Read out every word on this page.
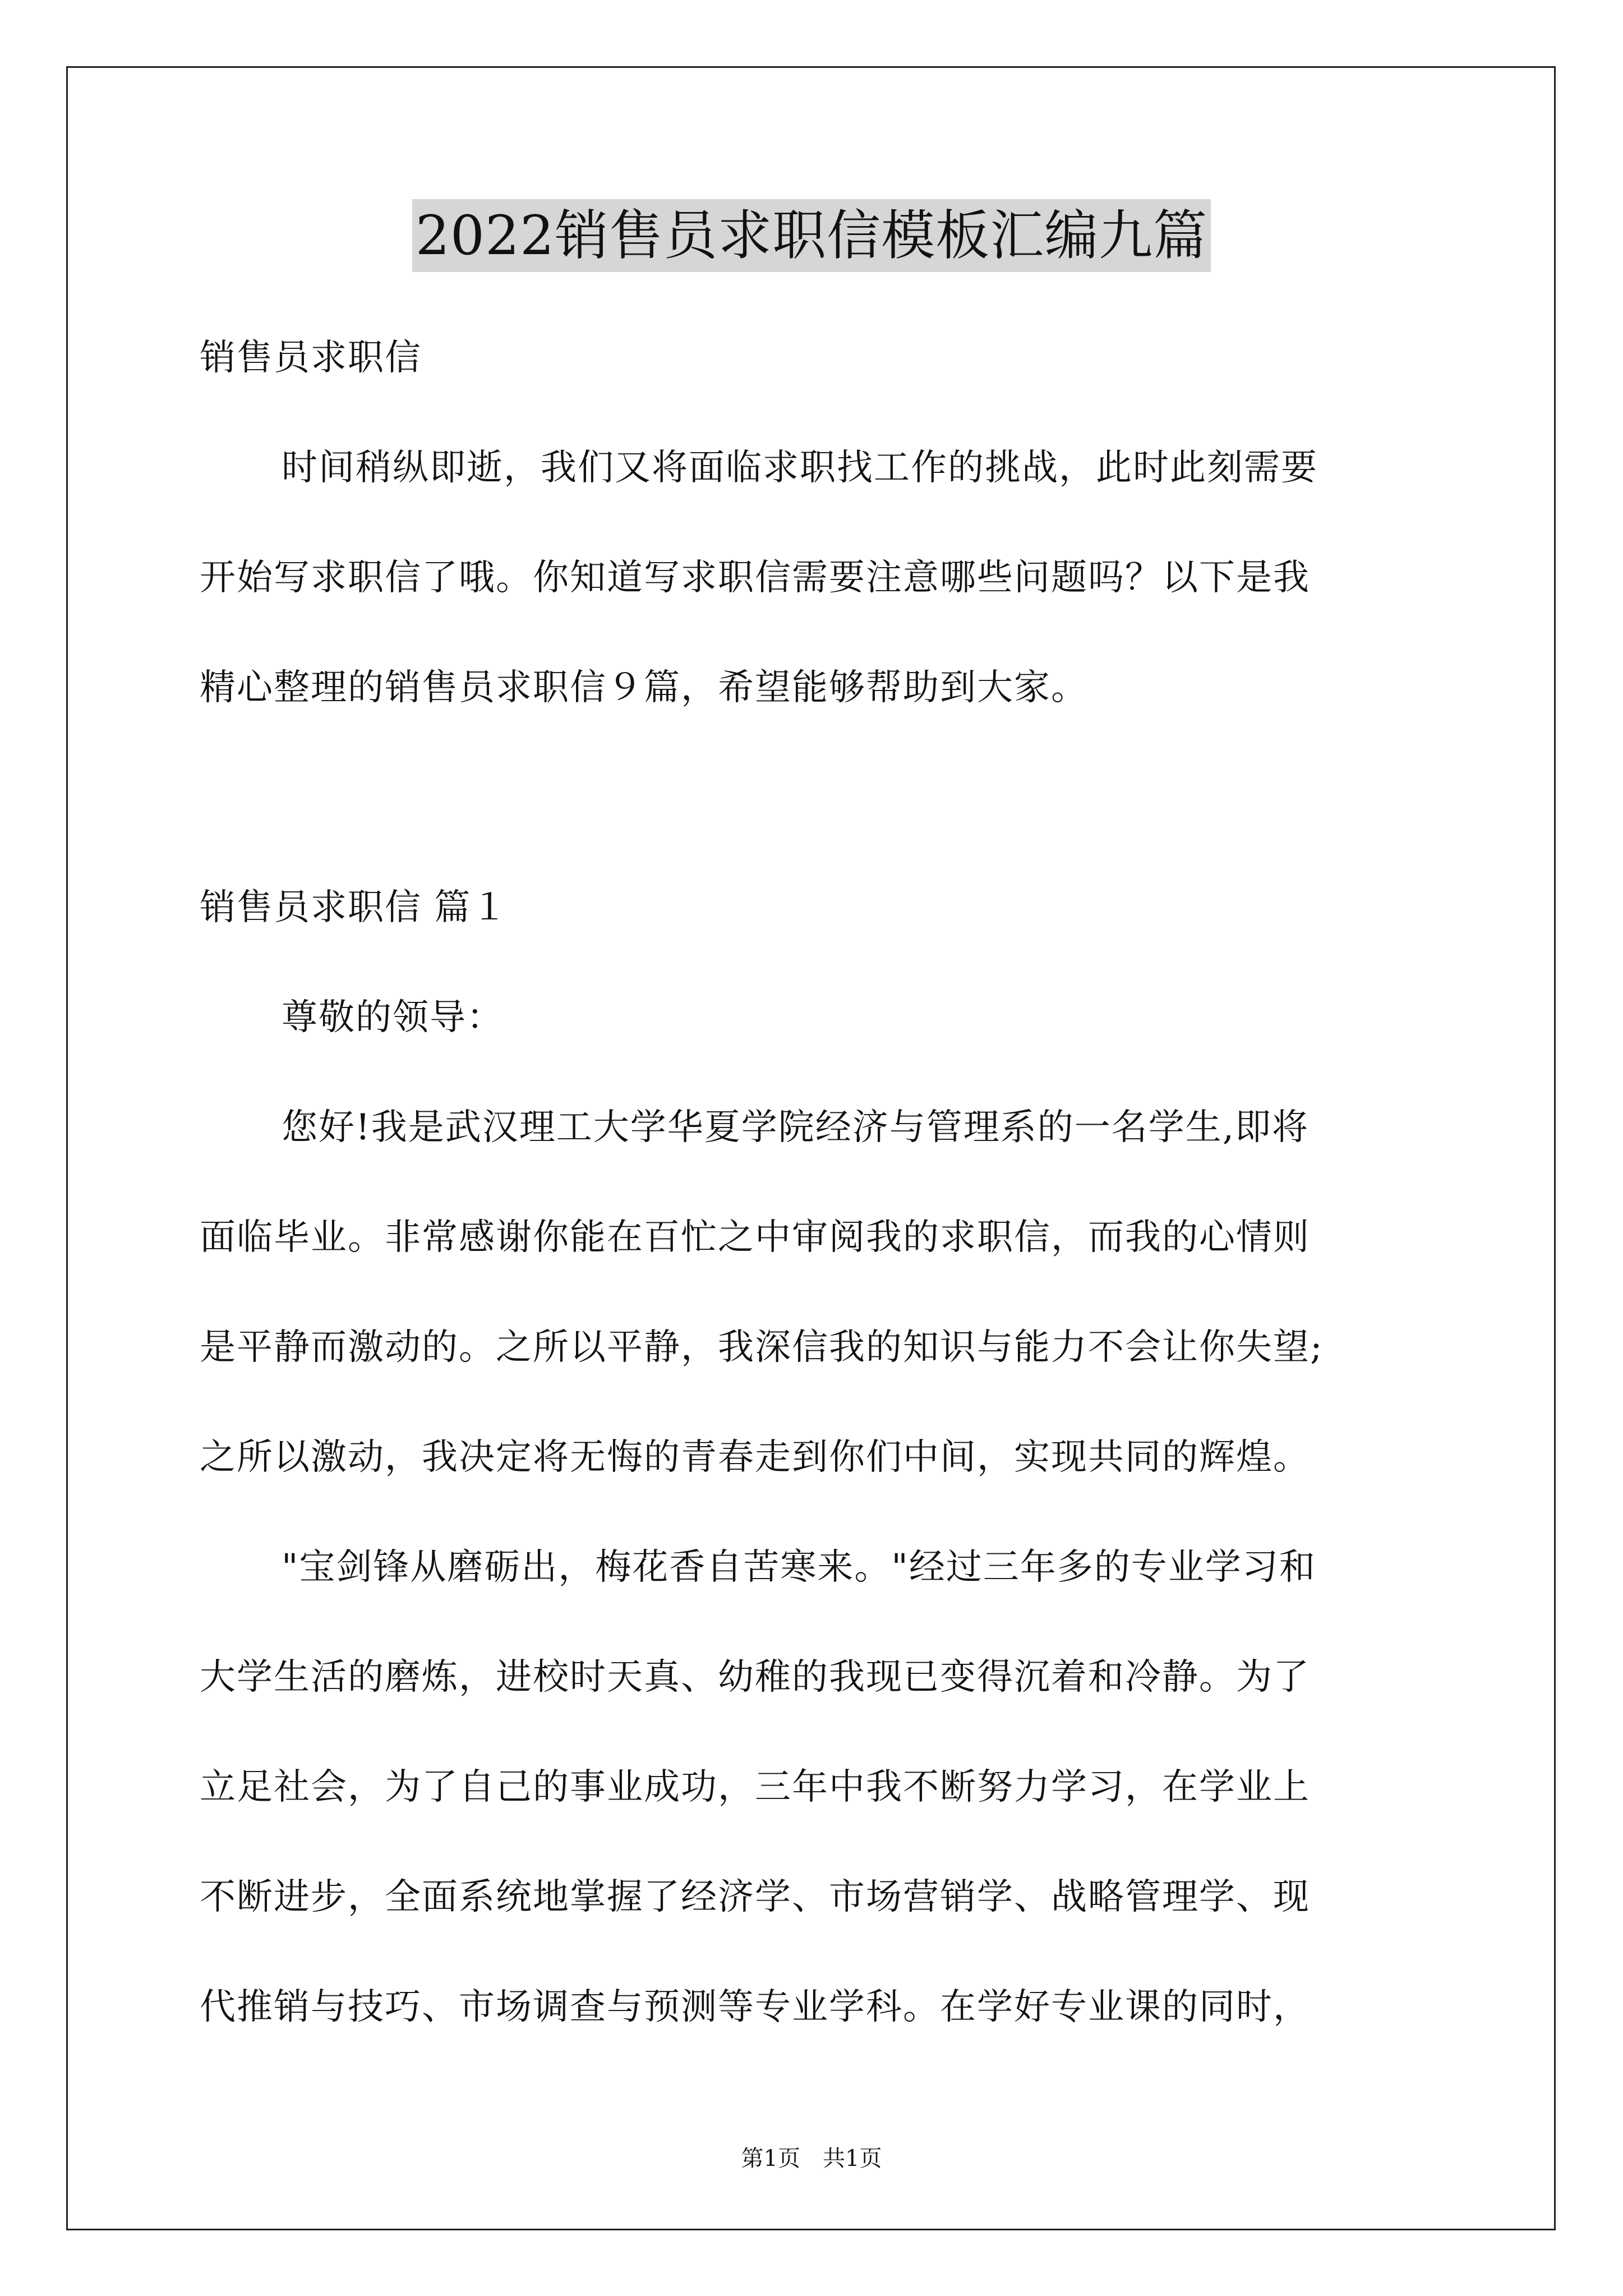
2022销售员求职信模板汇编九篇
销售员求职信
时间稍纵即逝，我们又将面临求职找工作的挑战，此时此刻需要
开始写求职信了哦。你知道写求职信需要注意哪些问题吗？以下是我
精心整理的销售员求职信９篇，希望能够帮助到大家。
销售员求职信 篇１
尊敬的领导：
您好!我是武汉理工大学华夏学院经济与管理系的一名学生,即将
面临毕业。非常感谢你能在百忙之中审阅我的求职信，而我的心情则
是平静而激动的。之所以平静，我深信我的知识与能力不会让你失望;
之所以激动，我决定将无悔的青春走到你们中间，实现共同的辉煌。
"宝剑锋从磨砺出，梅花香自苦寒来。"经过三年多的专业学习和
大学生活的磨炼，进校时天真、幼稚的我现已变得沉着和冷静。为了
立足社会，为了自己的事业成功，三年中我不断努力学习，在学业上
不断进步，全面系统地掌握了经济学、市场营销学、战略管理学、现
代推销与技巧、市场调查与预测等专业学科。在学好专业课的同时，
第1页　共1页
